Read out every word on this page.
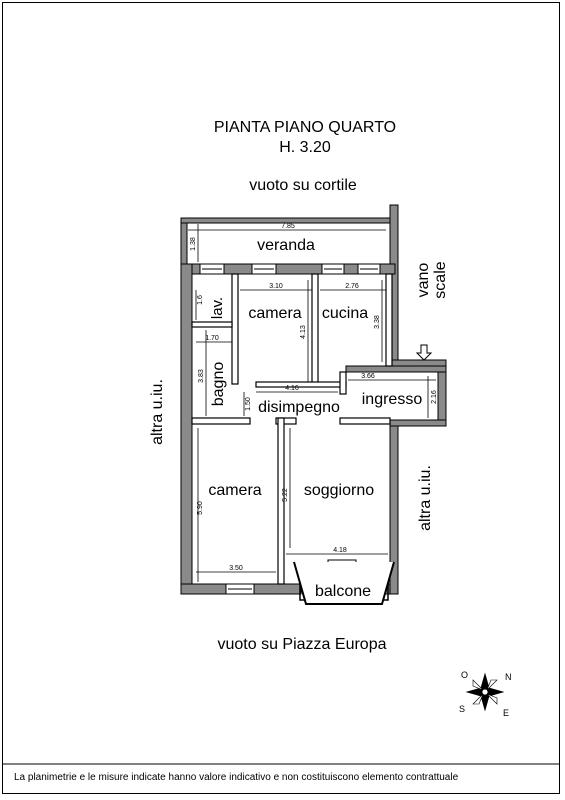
PIANTA PIANO QUARTO
H. 3.20
vuoto su cortile
vuoto su Piazza Europa
altra u.iu.
altra u.iu.
vanoscale
7.85
1.38
3.10	2.76
4.13
3.38
1.6
1.70
3.83
1.50
4.16
3.66
2.16
5.90
3.50
5.22
4.18
veranda
lav. camera cucina
bagno
disimpegno ingresso
camera	soggiorno
balcone
N
S	E
O
La planimetrie e le misure indicate hanno valore indicativo e non costituiscono elemento contrattuale
